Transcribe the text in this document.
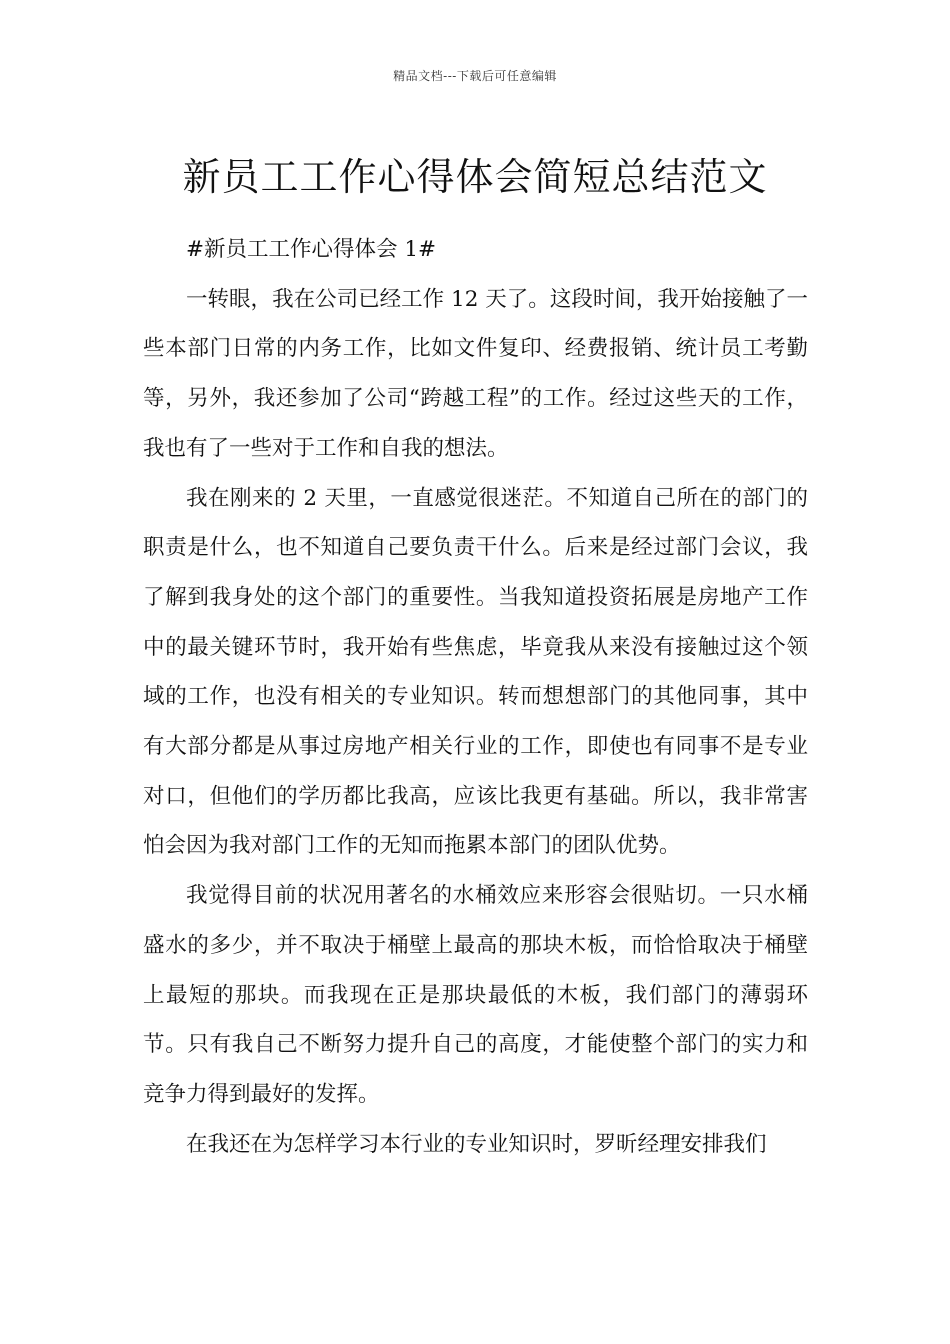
精品文档---下载后可任意编辑
新员工工作心得体会简短总结范文

#新员工工作心得体会 1#

一转眼，我在公司已经工作 12 天了。这段时间，我开始接触了一些本部门日常的内务工作，比如文件复印、经费报销、统计员工考勤等，另外，我还参加了公司“跨越工程”的工作。经过这些天的工作，我也有了一些对于工作和自我的想法。

我在刚来的 2 天里，一直感觉很迷茫。不知道自己所在的部门的职责是什么，也不知道自己要负责干什么。后来是经过部门会议，我了解到我身处的这个部门的重要性。当我知道投资拓展是房地产工作中的最关键环节时，我开始有些焦虑，毕竟我从来没有接触过这个领域的工作，也没有相关的专业知识。转而想想部门的其他同事，其中有大部分都是从事过房地产相关行业的工作，即使也有同事不是专业对口，但他们的学历都比我高，应该比我更有基础。所以，我非常害怕会因为我对部门工作的无知而拖累本部门的团队优势。

我觉得目前的状况用著名的水桶效应来形容会很贴切。一只水桶盛水的多少，并不取决于桶壁上最高的那块木板，而恰恰取决于桶壁上最短的那块。而我现在正是那块最低的木板，我们部门的薄弱环节。只有我自己不断努力提升自己的高度，才能使整个部门的实力和竞争力得到最好的发挥。

在我还在为怎样学习本行业的专业知识时，罗昕经理安排我们
